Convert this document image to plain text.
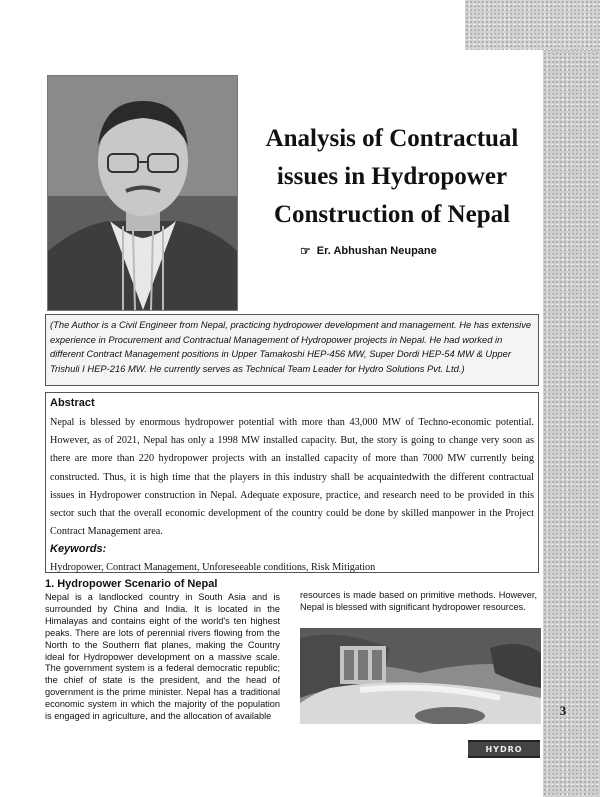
Analysis of Contractual
issues in Hydropower
Construction of Nepal
☞ Er. Abhushan Neupane
(The Author is a Civil Engineer from Nepal, practicing hydropower development and management. He has extensive experience in Procurement and Contractual Management of Hydropower projects in Nepal. He had worked in different Contract Management positions in Upper Tamakoshi HEP-456 MW, Super Dordi HEP-54 MW & Upper Trishuli I HEP-216 MW. He currently serves as Technical Team Leader for Hydro Solutions Pvt. Ltd.)
Abstract
Nepal is blessed by enormous hydropower potential with more than 43,000 MW of Techno-economic potential. However, as of 2021, Nepal has only a 1998 MW installed capacity. But, the story is going to change very soon as there are more than 220 hydropower projects with an installed capacity of more than 7000 MW currently being constructed. Thus, it is high time that the players in this industry shall be acquaintedwith the different contractual issues in Hydropower construction in Nepal. Adequate exposure, practice, and research need to be provided in this sector such that the overall economic development of the country could be done by skilled manpower in the Project Contract Management area.
Keywords:
Hydropower, Contract Management, Unforeseeable conditions, Risk Mitigation
1. Hydropower Scenario of Nepal
Nepal is a landlocked country in South Asia and is surrounded by China and India. It is located in the Himalayas and contains eight of the world's ten highest peaks. There are lots of perennial rivers flowing from the North to the Southern flat planes, making the Country ideal for Hydropower development on a massive scale. The government system is a federal democratic republic; the chief of state is the president, and the head of government is the prime minister. Nepal has a traditional economic system in which the majority of the population is engaged in agriculture, and the allocation of available
resources is made based on primitive methods. However, Nepal is blessed with significant hydropower resources.
3
HYDRO
